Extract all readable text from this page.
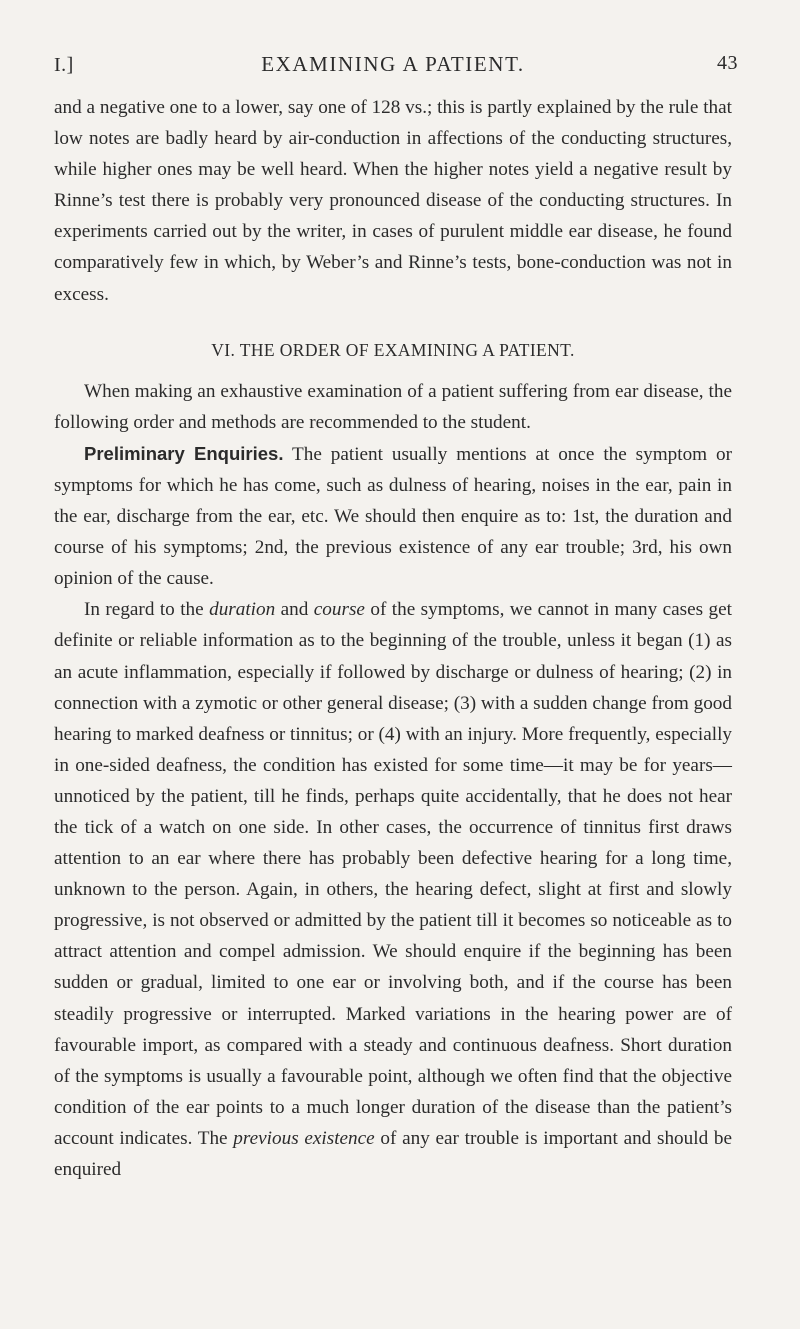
I.]	EXAMINING A PATIENT.	43

and a negative one to a lower, say one of 128 vs.; this is partly explained by the rule that low notes are badly heard by air-conduction in affections of the conducting structures, while higher ones may be well heard. When the higher notes yield a negative result by Rinne’s test there is probably very pronounced disease of the conducting structures. In experiments carried out by the writer, in cases of purulent middle ear disease, he found comparatively few in which, by Weber’s and Rinne’s tests, bone-conduction was not in excess.

VI. THE ORDER OF EXAMINING A PATIENT.

When making an exhaustive examination of a patient suffering from ear disease, the following order and methods are recommended to the student.

Preliminary Enquiries. The patient usually mentions at once the symptom or symptoms for which he has come, such as dulness of hearing, noises in the ear, pain in the ear, discharge from the ear, etc. We should then enquire as to: 1st, the duration and course of his symptoms; 2nd, the previous existence of any ear trouble; 3rd, his own opinion of the cause.

In regard to the duration and course of the symptoms, we cannot in many cases get definite or reliable information as to the beginning of the trouble, unless it began (1) as an acute inflammation, especially if followed by discharge or dulness of hearing; (2) in connection with a zymotic or other general disease; (3) with a sudden change from good hearing to marked deafness or tinnitus; or (4) with an injury. More frequently, especially in one-sided deafness, the condition has existed for some time—it may be for years—unnoticed by the patient, till he finds, perhaps quite accidentally, that he does not hear the tick of a watch on one side. In other cases, the occurrence of tinnitus first draws attention to an ear where there has probably been defective hearing for a long time, unknown to the person. Again, in others, the hearing defect, slight at first and slowly progressive, is not observed or admitted by the patient till it becomes so noticeable as to attract attention and compel admission. We should enquire if the beginning has been sudden or gradual, limited to one ear or involving both, and if the course has been steadily progressive or interrupted. Marked variations in the hearing power are of favourable import, as compared with a steady and continuous deafness. Short duration of the symptoms is usually a favourable point, although we often find that the objective condition of the ear points to a much longer duration of the disease than the patient’s account indicates. The previous existence of any ear trouble is important and should be enquired
